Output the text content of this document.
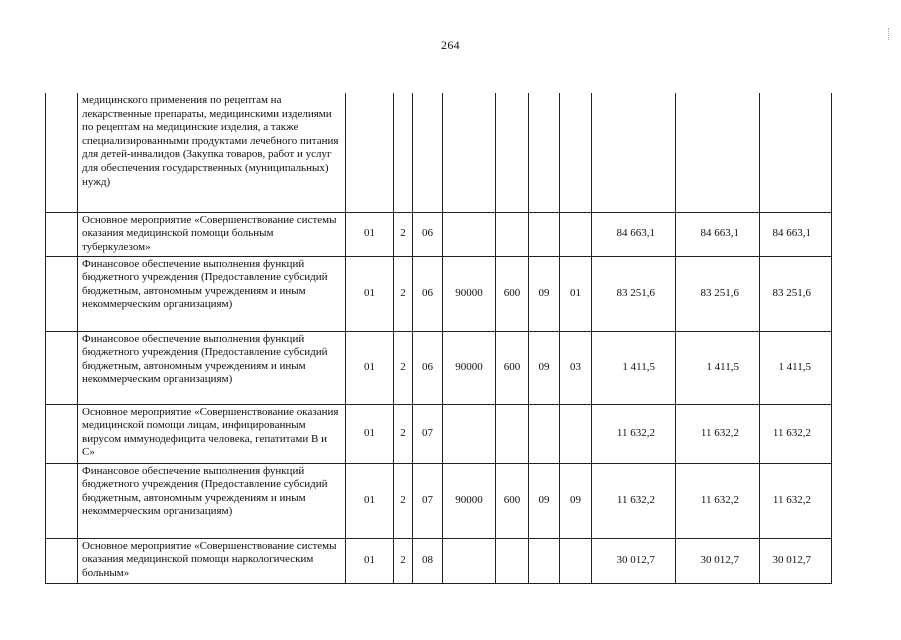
264
	медицинского применения по рецептам на лекарственные препараты, медицинскими изделиями по рецептам на медицинские изделия, а также специализированными продуктами лечебного питания для детей-инвалидов (Закупка товаров, работ и услуг для обеспечения государственных (муниципальных) нужд)										
	Основное мероприятие «Совершенствование системы оказания медицинской помощи больным туберкулезом»	01	2	06					84 663,1	84 663,1	84 663,1
	Финансовое обеспечение выполнения функций бюджетного учреждения (Предоставление субсидий бюджетным, автономным учреждениям и иным некоммерческим организациям)	01	2	06	90000	600	09	01	83 251,6	83 251,6	83 251,6
	Финансовое обеспечение выполнения функций бюджетного учреждения (Предоставление субсидий бюджетным, автономным учреждениям и иным некоммерческим организациям)	01	2	06	90000	600	09	03	1 411,5	1 411,5	1 411,5
	Основное мероприятие «Совершенствование оказания медицинской помощи лицам, инфицированным вирусом иммунодефицита человека, гепатитами В и С»	01	2	07					11 632,2	11 632,2	11 632,2
	Финансовое обеспечение выполнения функций бюджетного учреждения (Предоставление субсидий бюджетным, автономным учреждениям и иным некоммерческим организациям)	01	2	07	90000	600	09	09	11 632,2	11 632,2	11 632,2
	Основное мероприятие «Совершенствование системы оказания медицинской помощи наркологическим больным»	01	2	08					30 012,7	30 012,7	30 012,7
